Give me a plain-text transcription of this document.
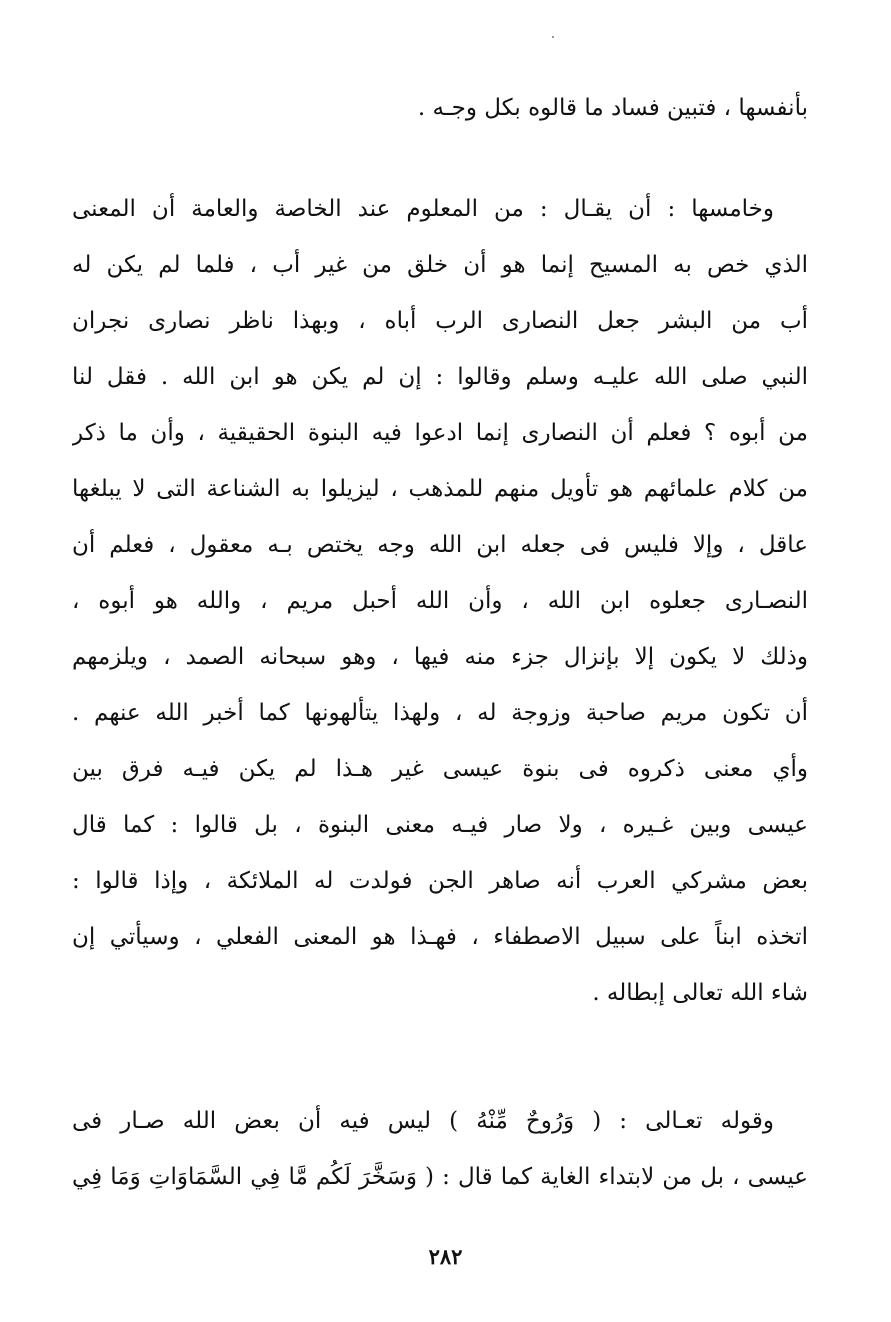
بأنفسها ، فتبين فساد ما قالوه بكل وجـه .
وخامسها : أن يقـال : من المعلوم عند الخاصة والعامة أن المعنى
الذي خص به المسيح إنما هو أن خلق من غير أب ، فلما لم يكن له
أب من البشر جعل النصارى الرب أباه ، وبهذا ناظر نصارى نجران
النبي صلى الله عليـه وسلم وقالوا : إن لم يكن هو ابن الله . فقل لنا
من أبوه ؟ فعلم أن النصارى إنما ادعوا فيه البنوة الحقيقية ، وأن ما ذكر
من كلام علمائهم هو تأويل منهم للمذهب ، ليزيلوا به الشناعة التى لا يبلغها
عاقل ، وإلا فليس فى جعله ابن الله وجه يختص بـه معقول ، فعلم أن
النصـارى جعلوه ابن الله ، وأن الله أحبل مريم ، والله هو أبوه ،
وذلك لا يكون إلا بإنزال جزء منه فيها ، وهو سبحانه الصمد ، ويلزمهم
أن تكون مريم صاحبة وزوجة له ، ولهذا يتألهونها كما أخبر الله عنهم .
وأي معنى ذكروه فى بنوة عيسى غير هـذا لم يكن فيـه فرق بين
عيسى وبين غـيره ، ولا صار فيـه معنى البنوة ، بل قالوا : كما قال
بعض مشركي العرب أنه صاهر الجن فولدت له الملائكة ، وإذا قالوا :
اتخذه ابناً على سبيل الاصطفاء ، فهـذا هو المعنى الفعلي ، وسيأتي إن
شاء الله تعالى إبطاله .
وقوله تعـالى : ( وَرُوحٌ مِّنْهُ ) ليس فيه أن بعض الله صـار فى
عيسى ، بل من لابتداء الغاية كما قال : ( وَسَخَّرَ لَكُم مَّا فِي السَّمَاوَاتِ وَمَا فِي
٢٨٢
